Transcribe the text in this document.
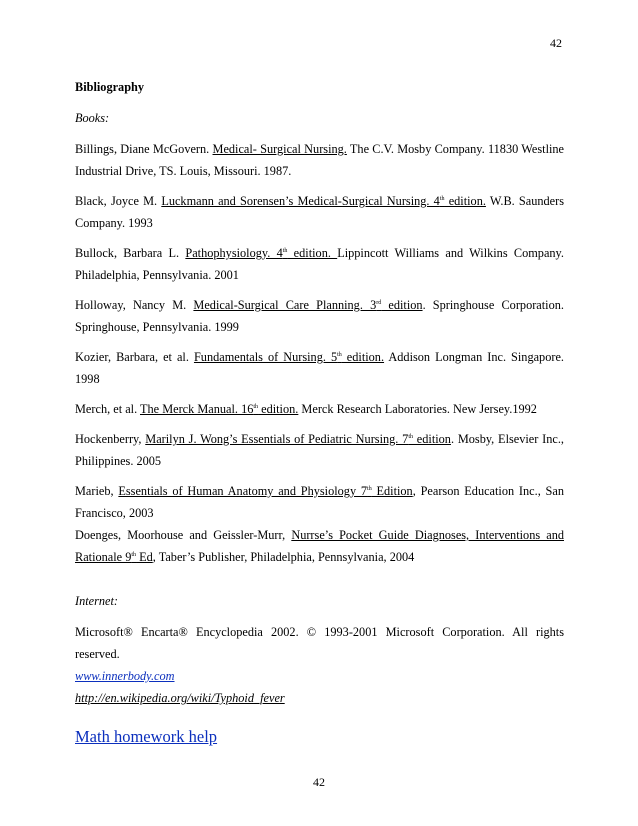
42

Bibliography

Books:

Billings, Diane McGovern. Medical- Surgical Nursing. The C.V. Mosby Company. 11830 Westline Industrial Drive, TS. Louis, Missouri. 1987.

Black, Joyce M. Luckmann and Sorensen’s Medical-Surgical Nursing. 4th edition. W.B. Saunders Company. 1993

Bullock, Barbara L. Pathophysiology. 4th edition. Lippincott Williams and Wilkins Company. Philadelphia, Pennsylvania. 2001

Holloway, Nancy M. Medical-Surgical Care Planning. 3rd edition. Springhouse Corporation. Springhouse, Pennsylvania. 1999

Kozier, Barbara, et al. Fundamentals of Nursing. 5th edition. Addison Longman Inc. Singapore. 1998

Merch, et al. The Merck Manual. 16th edition. Merck Research Laboratories. New Jersey.1992

Hockenberry, Marilyn J. Wong’s Essentials of Pediatric Nursing. 7th edition. Mosby, Elsevier Inc., Philippines. 2005

Marieb, Essentials of Human Anatomy and Physiology 7th Edition, Pearson Education Inc., San Francisco, 2003

Doenges, Moorhouse and Geissler-Murr, Nurrse’s Pocket Guide Diagnoses, Interventions and Rationale 9th Ed, Taber’s Publisher, Philadelphia, Pennsylvania, 2004

Internet:

Microsoft® Encarta® Encyclopedia 2002. © 1993-2001 Microsoft Corporation. All rights reserved.

www.innerbody.com
http://en.wikipedia.org/wiki/Typhoid_fever
Math homework help
42
